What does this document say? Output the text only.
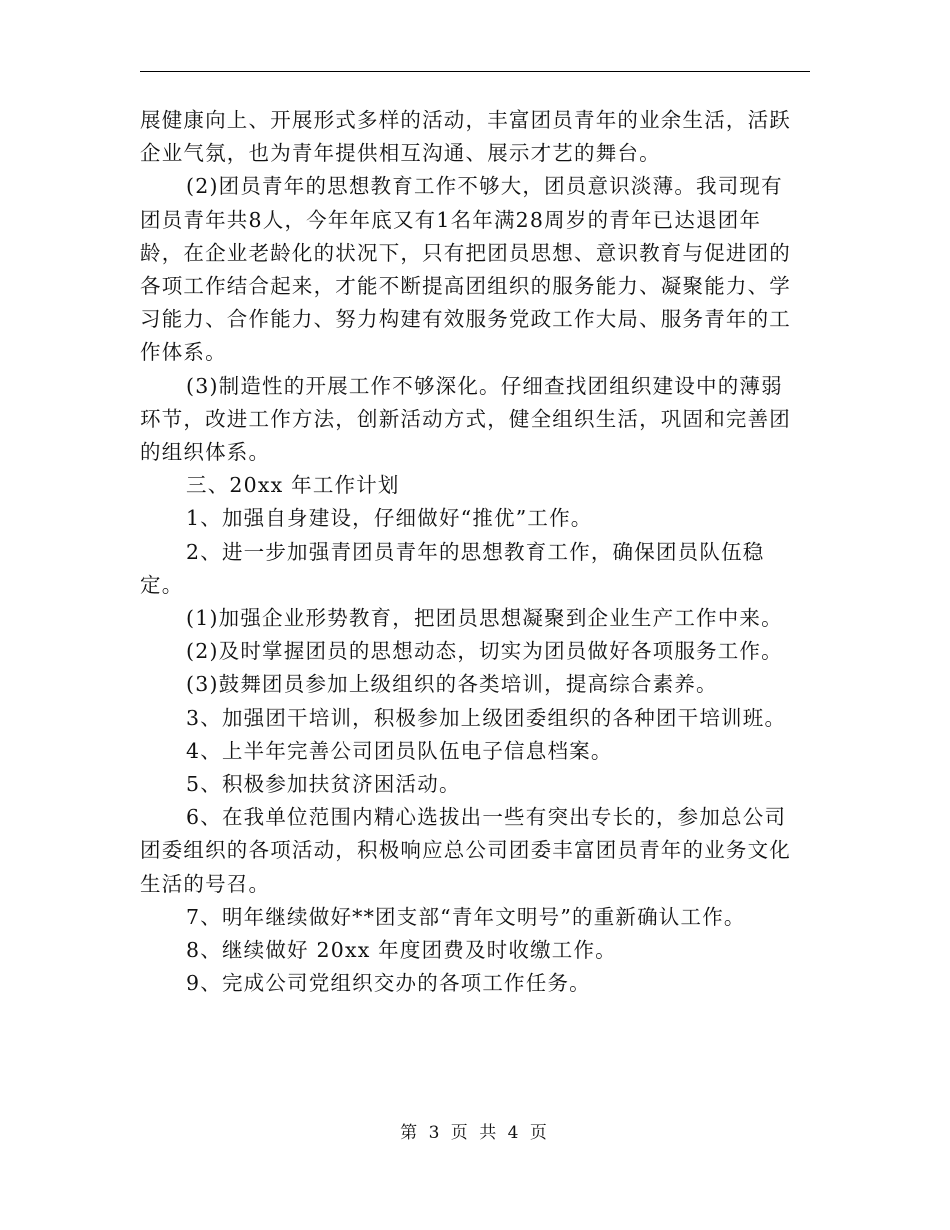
展健康向上、开展形式多样的活动，丰富团员青年的业余生活，活跃企业气氛，也为青年提供相互沟通、展示才艺的舞台。

(2)团员青年的思想教育工作不够大，团员意识淡薄。我司现有团员青年共8人，今年年底又有1名年满28周岁的青年已达退团年龄，在企业老龄化的状况下，只有把团员思想、意识教育与促进团的各项工作结合起来，才能不断提高团组织的服务能力、凝聚能力、学习能力、合作能力、努力构建有效服务党政工作大局、服务青年的工作体系。

(3)制造性的开展工作不够深化。仔细查找团组织建设中的薄弱环节，改进工作方法，创新活动方式，健全组织生活，巩固和完善团的组织体系。

三、20xx 年工作计划

1、加强自身建设，仔细做好“推优”工作。

2、进一步加强青团员青年的思想教育工作，确保团员队伍稳定。

(1)加强企业形势教育，把团员思想凝聚到企业生产工作中来。

(2)及时掌握团员的思想动态，切实为团员做好各项服务工作。

(3)鼓舞团员参加上级组织的各类培训，提高综合素养。

3、加强团干培训，积极参加上级团委组织的各种团干培训班。

4、上半年完善公司团员队伍电子信息档案。

5、积极参加扶贫济困活动。

6、在我单位范围内精心选拔出一些有突出专长的，参加总公司团委组织的各项活动，积极响应总公司团委丰富团员青年的业务文化生活的号召。

7、明年继续做好**团支部“青年文明号”的重新确认工作。

8、继续做好 20xx 年度团费及时收缴工作。

9、完成公司党组织交办的各项工作任务。

第 3 页 共 4 页
